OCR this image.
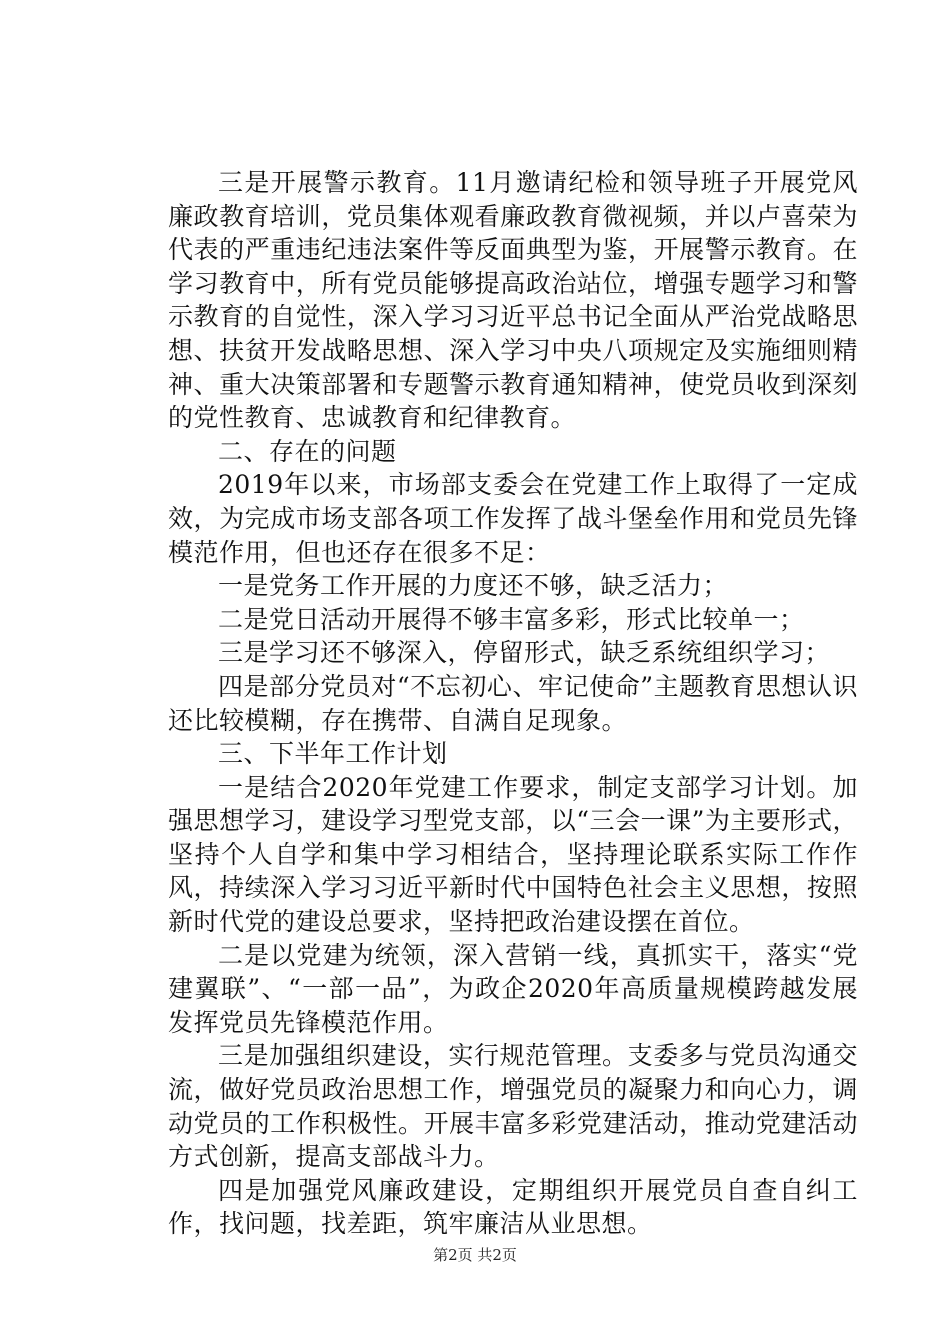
三是开展警示教育。11月邀请纪检和领导班子开展党风廉政教育培训，党员集体观看廉政教育微视频，并以卢喜荣为代表的严重违纪违法案件等反面典型为鉴，开展警示教育。在学习教育中，所有党员能够提高政治站位，增强专题学习和警示教育的自觉性，深入学习习近平总书记全面从严治党战略思想、扶贫开发战略思想、深入学习中央八项规定及实施细则精神、重大决策部署和专题警示教育通知精神，使党员收到深刻的党性教育、忠诚教育和纪律教育。

二、存在的问题

2019年以来，市场部支委会在党建工作上取得了一定成效，为完成市场支部各项工作发挥了战斗堡垒作用和党员先锋模范作用，但也还存在很多不足：

一是党务工作开展的力度还不够，缺乏活力；

二是党日活动开展得不够丰富多彩，形式比较单一；

三是学习还不够深入，停留形式，缺乏系统组织学习；

四是部分党员对“不忘初心、牢记使命”主题教育思想认识还比较模糊，存在携带、自满自足现象。

三、下半年工作计划

一是结合2020年党建工作要求，制定支部学习计划。加强思想学习，建设学习型党支部，以“三会一课”为主要形式，坚持个人自学和集中学习相结合，坚持理论联系实际工作作风，持续深入学习习近平新时代中国特色社会主义思想，按照新时代党的建设总要求，坚持把政治建设摆在首位。

二是以党建为统领，深入营销一线，真抓实干，落实“党建翼联”、“一部一品”，为政企2020年高质量规模跨越发展发挥党员先锋模范作用。

三是加强组织建设，实行规范管理。支委多与党员沟通交流，做好党员政治思想工作，增强党员的凝聚力和向心力，调动党员的工作积极性。开展丰富多彩党建活动，推动党建活动方式创新，提高支部战斗力。

四是加强党风廉政建设，定期组织开展党员自查自纠工作，找问题，找差距，筑牢廉洁从业思想。

第2页 共2页
